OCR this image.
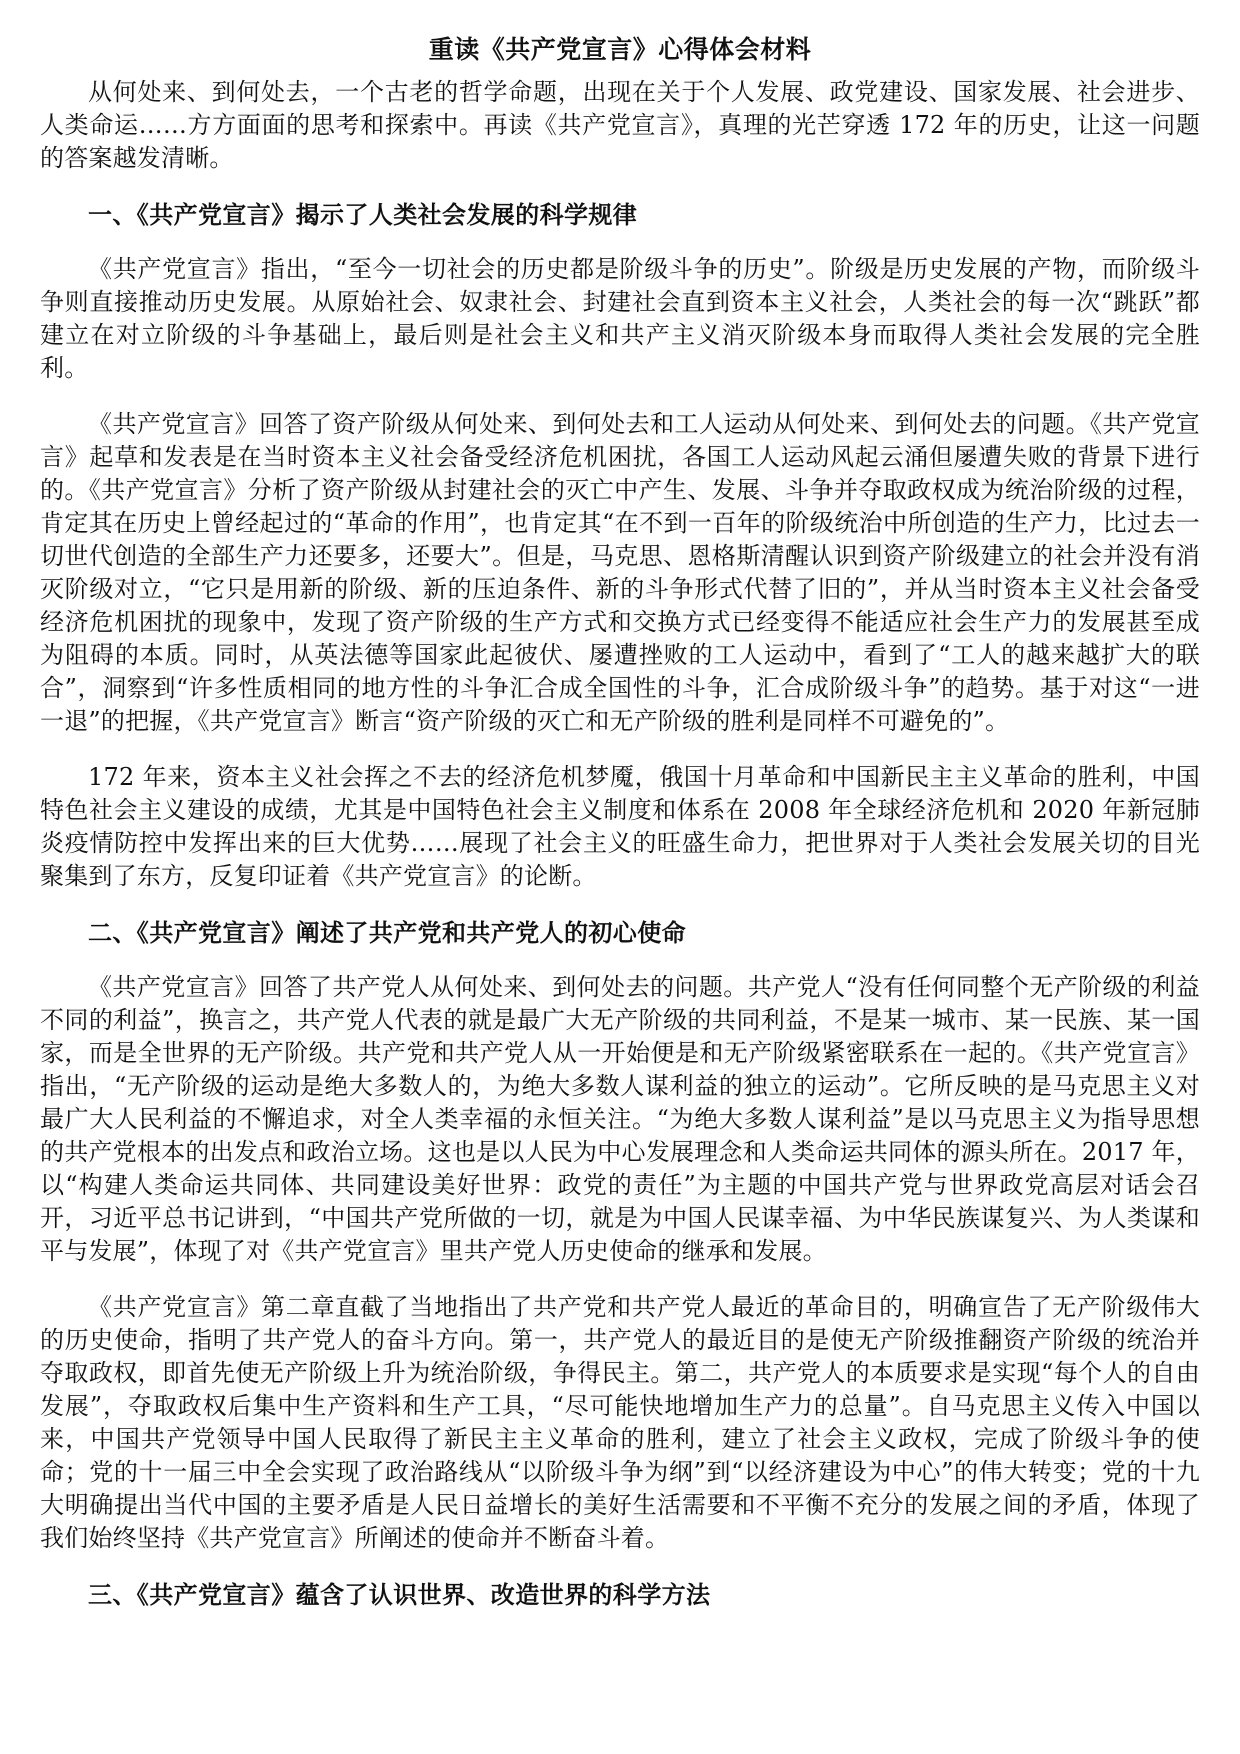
重读《共产党宣言》心得体会材料

从何处来、到何处去，一个古老的哲学命题，出现在关于个人发展、政党建设、国家发展、社会进步、人类命运……方方面面的思考和探索中。再读《共产党宣言》，真理的光芒穿透 172 年的历史，让这一问题的答案越发清晰。

一、《共产党宣言》揭示了人类社会发展的科学规律

《共产党宣言》指出，“至今一切社会的历史都是阶级斗争的历史”。阶级是历史发展的产物，而阶级斗争则直接推动历史发展。从原始社会、奴隶社会、封建社会直到资本主义社会，人类社会的每一次“跳跃”都建立在对立阶级的斗争基础上，最后则是社会主义和共产主义消灭阶级本身而取得人类社会发展的完全胜利。

《共产党宣言》回答了资产阶级从何处来、到何处去和工人运动从何处来、到何处去的问题。《共产党宣言》起草和发表是在当时资本主义社会备受经济危机困扰，各国工人运动风起云涌但屡遭失败的背景下进行的。《共产党宣言》分析了资产阶级从封建社会的灭亡中产生、发展、斗争并夺取政权成为统治阶级的过程，肯定其在历史上曾经起过的“革命的作用”，也肯定其“在不到一百年的阶级统治中所创造的生产力，比过去一切世代创造的全部生产力还要多，还要大”。但是，马克思、恩格斯清醒认识到资产阶级建立的社会并没有消灭阶级对立，“它只是用新的阶级、新的压迫条件、新的斗争形式代替了旧的”，并从当时资本主义社会备受经济危机困扰的现象中，发现了资产阶级的生产方式和交换方式已经变得不能适应社会生产力的发展甚至成为阻碍的本质。同时，从英法德等国家此起彼伏、屡遭挫败的工人运动中，看到了“工人的越来越扩大的联合”，洞察到“许多性质相同的地方性的斗争汇合成全国性的斗争，汇合成阶级斗争”的趋势。基于对这“一进一退”的把握，《共产党宣言》断言“资产阶级的灭亡和无产阶级的胜利是同样不可避免的”。

172 年来，资本主义社会挥之不去的经济危机梦魇，俄国十月革命和中国新民主主义革命的胜利，中国特色社会主义建设的成绩，尤其是中国特色社会主义制度和体系在 2008 年全球经济危机和 2020 年新冠肺炎疫情防控中发挥出来的巨大优势……展现了社会主义的旺盛生命力，把世界对于人类社会发展关切的目光聚集到了东方，反复印证着《共产党宣言》的论断。

二、《共产党宣言》阐述了共产党和共产党人的初心使命

《共产党宣言》回答了共产党人从何处来、到何处去的问题。共产党人“没有任何同整个无产阶级的利益不同的利益”，换言之，共产党人代表的就是最广大无产阶级的共同利益，不是某一城市、某一民族、某一国家，而是全世界的无产阶级。共产党和共产党人从一开始便是和无产阶级紧密联系在一起的。《共产党宣言》指出，“无产阶级的运动是绝大多数人的，为绝大多数人谋利益的独立的运动”。它所反映的是马克思主义对最广大人民利益的不懈追求，对全人类幸福的永恒关注。“为绝大多数人谋利益”是以马克思主义为指导思想的共产党根本的出发点和政治立场。这也是以人民为中心发展理念和人类命运共同体的源头所在。2017 年，以“构建人类命运共同体、共同建设美好世界：政党的责任”为主题的中国共产党与世界政党高层对话会召开，习近平总书记讲到，“中国共产党所做的一切，就是为中国人民谋幸福、为中华民族谋复兴、为人类谋和平与发展”，体现了对《共产党宣言》里共产党人历史使命的继承和发展。

《共产党宣言》第二章直截了当地指出了共产党和共产党人最近的革命目的，明确宣告了无产阶级伟大的历史使命，指明了共产党人的奋斗方向。第一，共产党人的最近目的是使无产阶级推翻资产阶级的统治并夺取政权，即首先使无产阶级上升为统治阶级，争得民主。第二，共产党人的本质要求是实现“每个人的自由发展”，夺取政权后集中生产资料和生产工具，“尽可能快地增加生产力的总量”。自马克思主义传入中国以来，中国共产党领导中国人民取得了新民主主义革命的胜利，建立了社会主义政权，完成了阶级斗争的使命；党的十一届三中全会实现了政治路线从“以阶级斗争为纲”到“以经济建设为中心”的伟大转变；党的十九大明确提出当代中国的主要矛盾是人民日益增长的美好生活需要和不平衡不充分的发展之间的矛盾，体现了我们始终坚持《共产党宣言》所阐述的使命并不断奋斗着。

三、《共产党宣言》蕴含了认识世界、改造世界的科学方法
